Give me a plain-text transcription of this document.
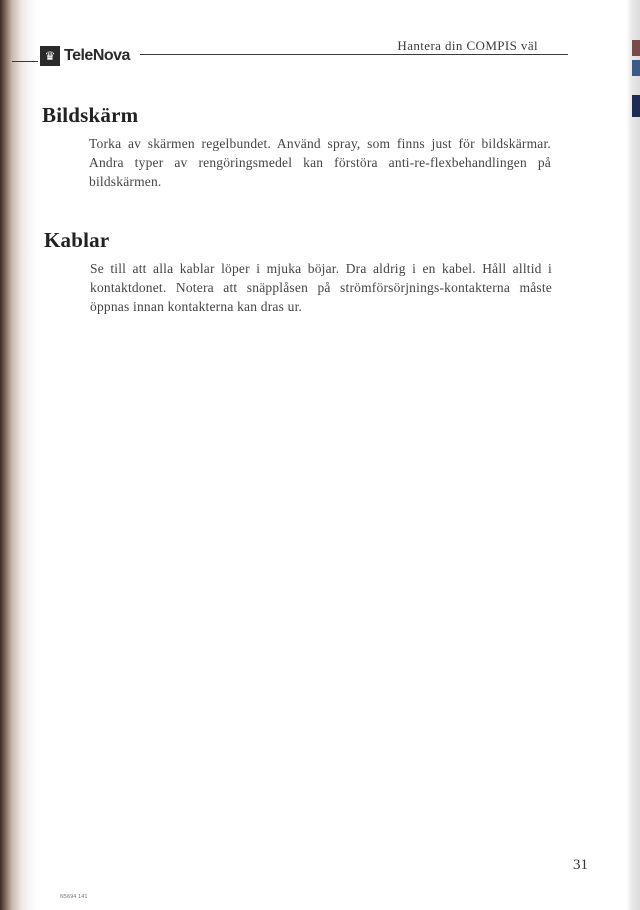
♛ TeleNova
Hantera din COMPIS väl
Bildskärm
Torka av skärmen regelbundet. Använd spray, som finns just för bildskärmar. Andra typer av rengöringsmedel kan förstöra anti-re-flexbehandlingen på bildskärmen.
Kablar
Se till att alla kablar löper i mjuka böjar. Dra aldrig i en kabel. Håll alltid i kontaktdonet. Notera att snäpplåsen på strömförsörjnings-kontakterna måste öppnas innan kontakterna kan dras ur.
31
N5694 141
